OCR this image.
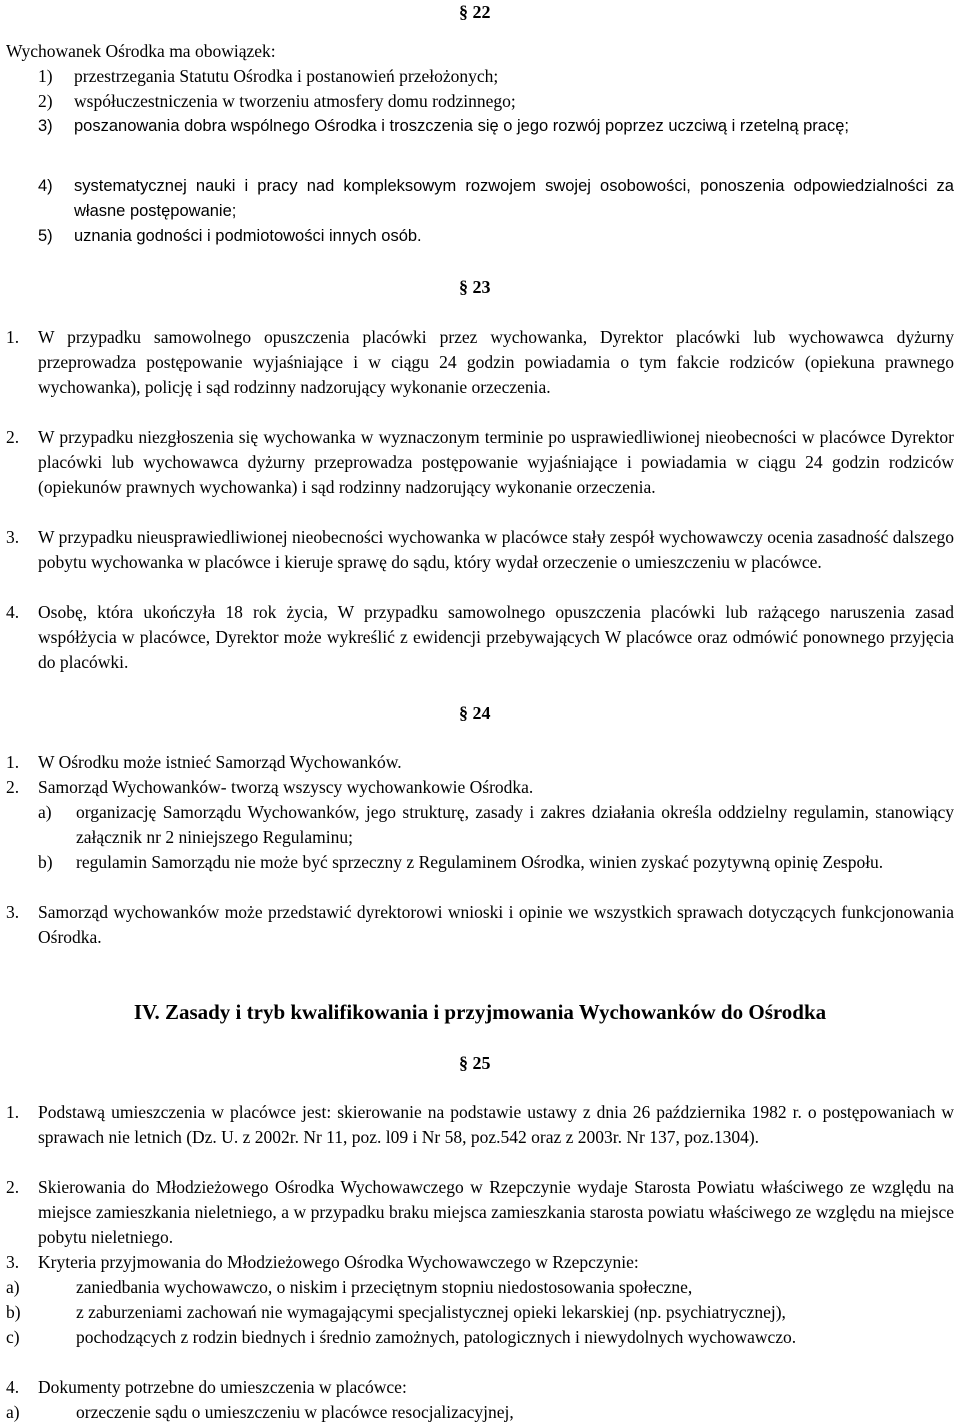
§ 22

Wychowanek Ośrodka ma obowiązek:

1)	przestrzegania Statutu Ośrodka i postanowień przełożonych;
2)	współuczestniczenia w tworzeniu atmosfery domu rodzinnego;
3)	poszanowania dobra wspólnego Ośrodka i troszczenia się o jego rozwój poprzez uczciwą i rzetelną pracę;
4)	systematycznej nauki i pracy nad kompleksowym rozwojem swojej osobowości, ponoszenia odpowiedzialności za własne postępowanie;
5)	uznania godności i podmiotowości innych osób.
§ 23
1.	W przypadku samowolnego opuszczenia placówki przez wychowanka, Dyrektor placówki lub wychowawca dyżurny przeprowadza postępowanie wyjaśniające i w ciągu 24 godzin powiadamia o tym fakcie rodziców (opiekuna prawnego wychowanka), policję i sąd rodzinny nadzorujący wykonanie orzeczenia.
2.	W przypadku niezgłoszenia się wychowanka w wyznaczonym terminie po usprawiedliwionej nieobecności w placówce Dyrektor placówki lub wychowawca dyżurny przeprowadza postępowanie wyjaśniające i powiadamia w ciągu 24 godzin rodziców (opiekunów prawnych wychowanka) i sąd rodzinny nadzorujący wykonanie orzeczenia.
3.	W przypadku nieusprawiedliwionej nieobecności wychowanka w placówce stały zespół wychowawczy ocenia zasadność dalszego pobytu wychowanka w placówce i kieruje sprawę do sądu, który wydał orzeczenie o umieszczeniu w placówce.
4.	Osobę, która ukończyła 18 rok życia, W przypadku samowolnego opuszczenia placówki lub rażącego naruszenia zasad współżycia w placówce, Dyrektor może wykreślić z ewidencji przebywających W placówce oraz odmówić ponownego przyjęcia do placówki.
§ 24
1.	W Ośrodku może istnieć Samorząd Wychowanków.
2.	Samorząd Wychowanków- tworzą wszyscy wychowankowie Ośrodka.
a)	organizację Samorządu Wychowanków, jego strukturę, zasady i zakres działania określa oddzielny regulamin, stanowiący załącznik nr 2 niniejszego Regulaminu;
b)	regulamin Samorządu nie może być sprzeczny z Regulaminem Ośrodka, winien zyskać pozytywną opinię Zespołu.
3.	Samorząd wychowanków może przedstawić dyrektorowi wnioski i opinie we wszystkich sprawach dotyczących funkcjonowania Ośrodka.
IV. Zasady i tryb kwalifikowania i przyjmowania Wychowanków do Ośrodka
§ 25
1.	Podstawą umieszczenia w placówce jest: skierowanie na podstawie ustawy z dnia 26 października 1982 r. o postępowaniach w sprawach nie letnich (Dz. U. z 2002r. Nr 11, poz. l09 i Nr 58, poz.542 oraz z 2003r. Nr 137, poz.1304).
2.	Skierowania do Młodzieżowego Ośrodka Wychowawczego w Rzepczynie wydaje Starosta Powiatu właściwego ze względu na miejsce zamieszkania nieletniego, a w przypadku braku miejsca zamieszkania starosta powiatu właściwego ze względu na miejsce pobytu nieletniego.
3.	Kryteria przyjmowania do Młodzieżowego Ośrodka Wychowawczego w Rzepczynie:
a)	zaniedbania wychowawczo, o niskim i przeciętnym stopniu niedostosowania społeczne,
b)	z zaburzeniami zachowań nie wymagającymi specjalistycznej opieki lekarskiej (np. psychiatrycznej),
c)	pochodzących z rodzin biednych i średnio zamożnych, patologicznych i niewydolnych wychowawczo.
4.	Dokumenty potrzebne do umieszczenia w placówce:
a)	orzeczenie sądu o umieszczeniu w placówce resocjalizacyjnej,
